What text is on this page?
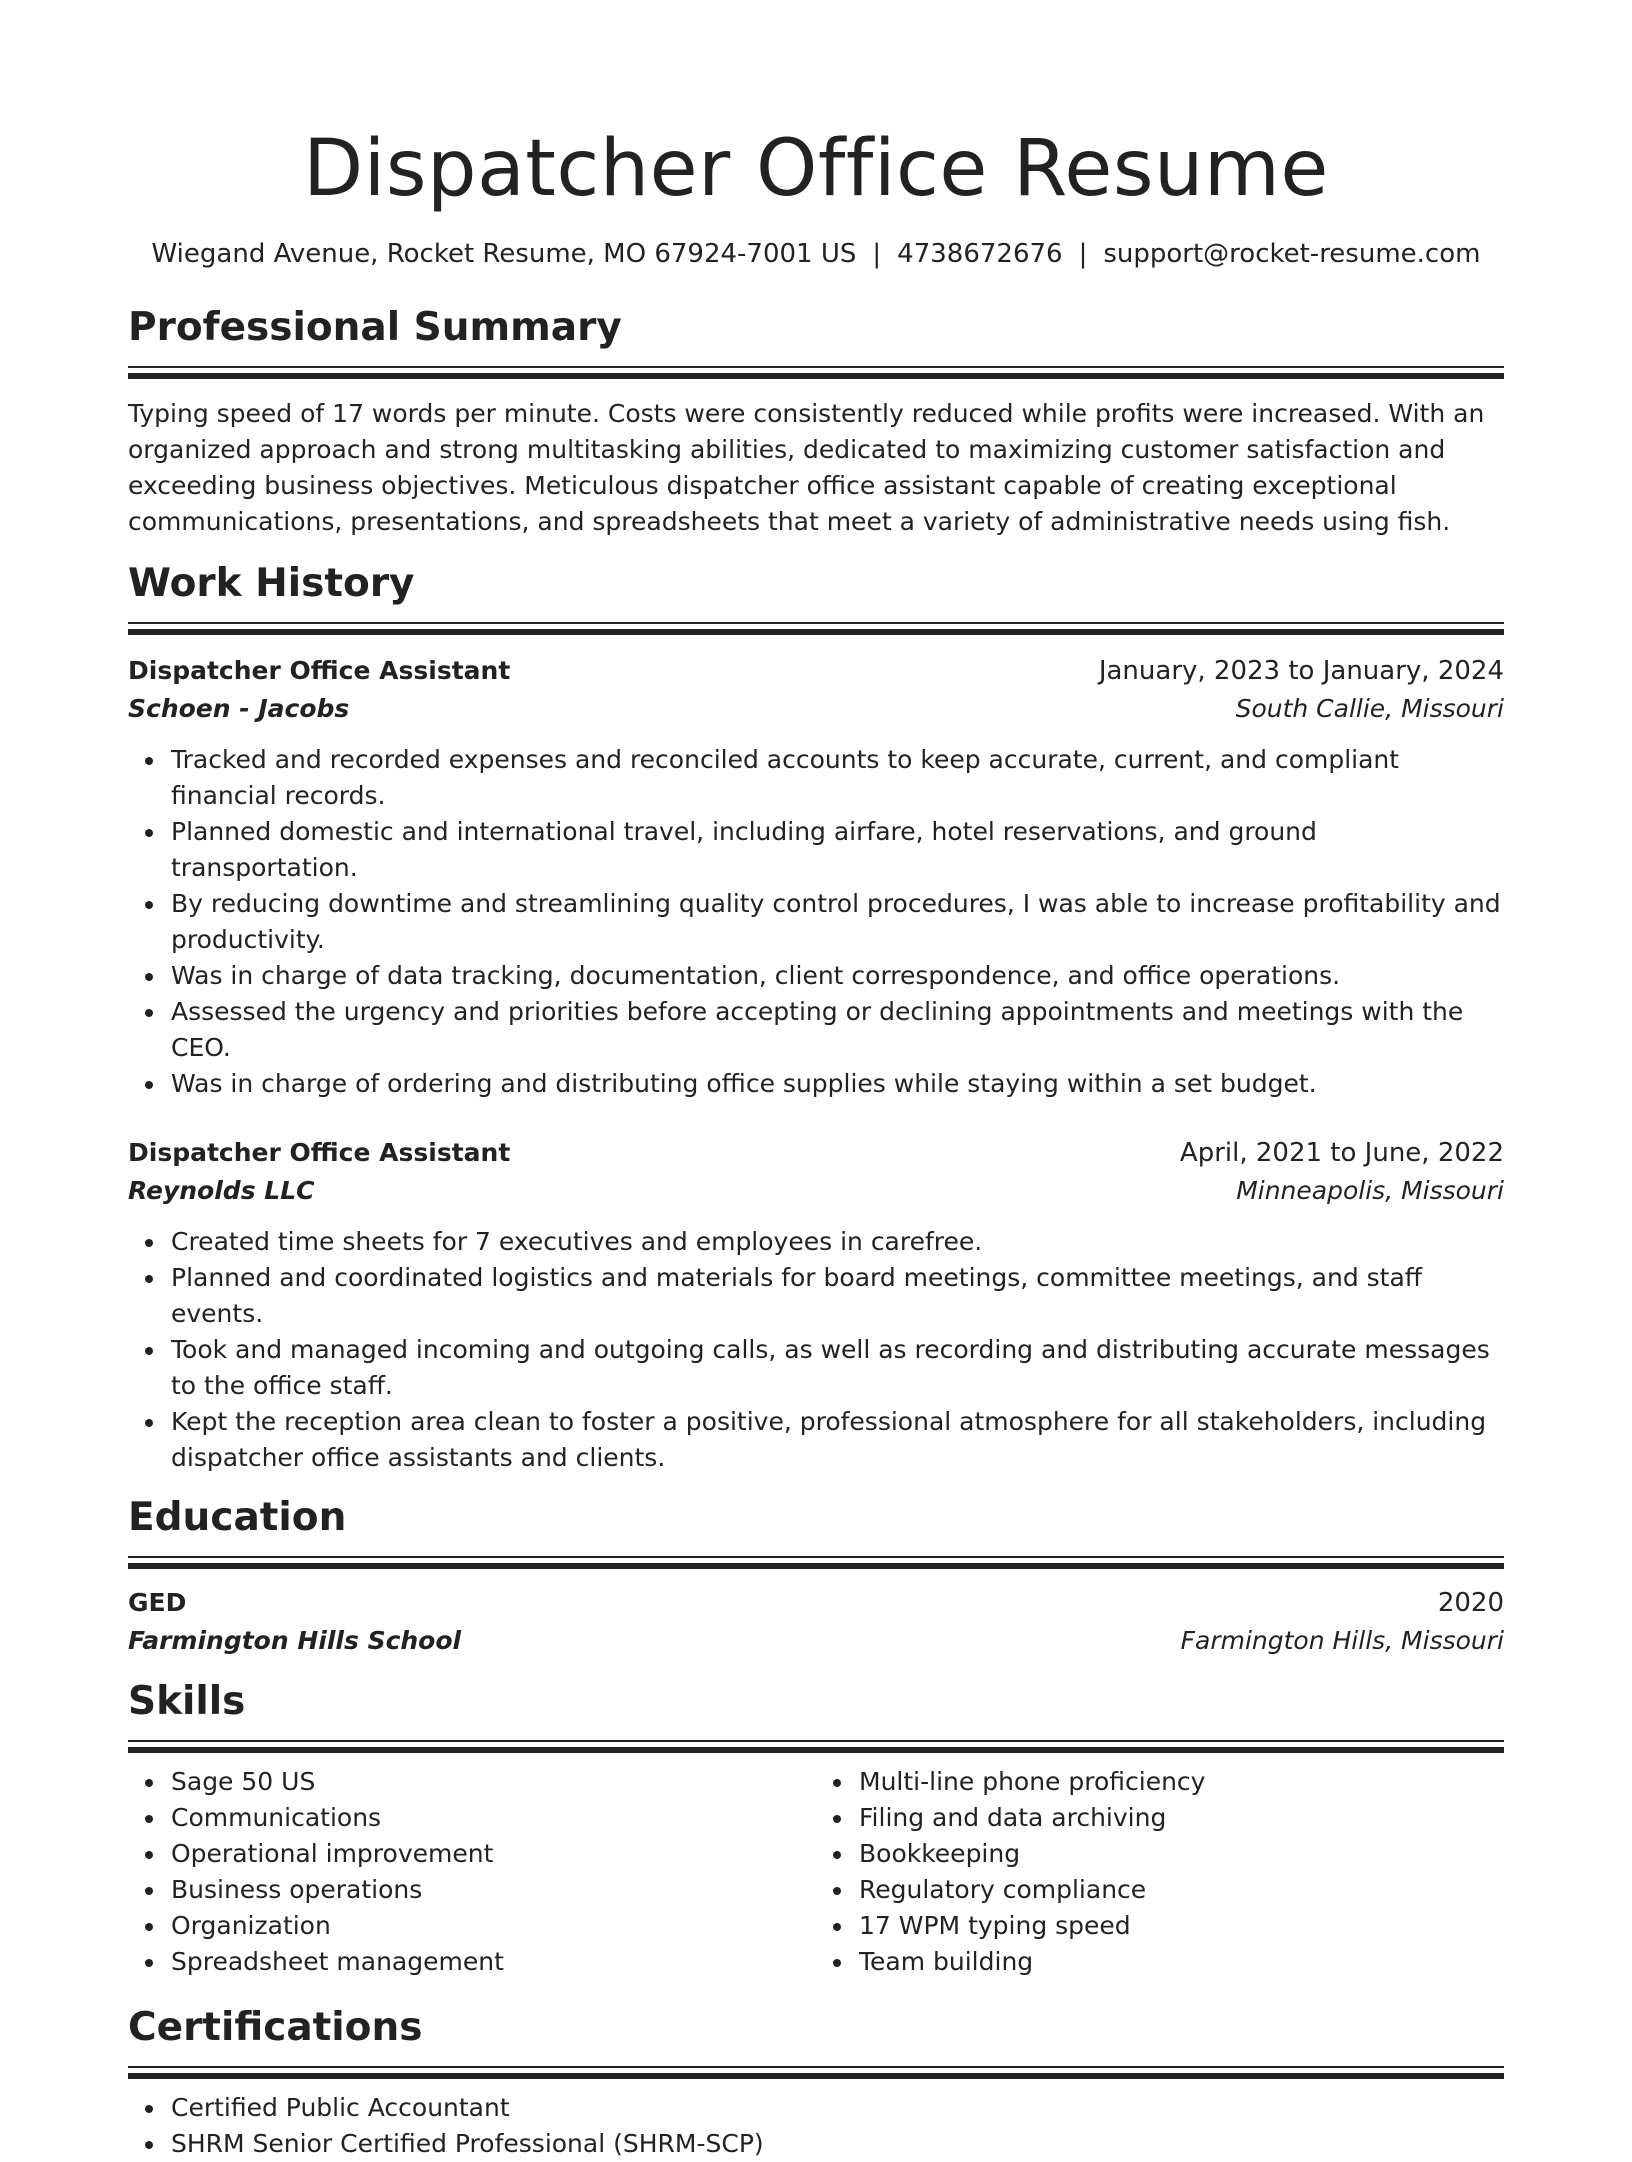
Dispatcher Office Resume
Wiegand Avenue, Rocket Resume, MO 67924-7001 US | 4738672676 | support@rocket-resume.com
Professional Summary

Typing speed of 17 words per minute. Costs were consistently reduced while profits were increased. With an organized approach and strong multitasking abilities, dedicated to maximizing customer satisfaction and exceeding business objectives. Meticulous dispatcher office assistant capable of creating exceptional communications, presentations, and spreadsheets that meet a variety of administrative needs using fish.

Work History
Dispatcher Office Assistant	January, 2023 to January, 2024
Schoen - Jacobs	South Callie, Missouri
Tracked and recorded expenses and reconciled accounts to keep accurate, current, and compliant financial records.
Planned domestic and international travel, including airfare, hotel reservations, and ground transportation.
By reducing downtime and streamlining quality control procedures, I was able to increase profitability and productivity.
Was in charge of data tracking, documentation, client correspondence, and office operations.
Assessed the urgency and priorities before accepting or declining appointments and meetings with the CEO.
Was in charge of ordering and distributing office supplies while staying within a set budget.
Dispatcher Office Assistant	April, 2021 to June, 2022
Reynolds LLC	Minneapolis, Missouri
Created time sheets for 7 executives and employees in carefree.
Planned and coordinated logistics and materials for board meetings, committee meetings, and staff events.
Took and managed incoming and outgoing calls, as well as recording and distributing accurate messages to the office staff.
Kept the reception area clean to foster a positive, professional atmosphere for all stakeholders, including dispatcher office assistants and clients.
Education
GED	2020
Farmington Hills School	Farmington Hills, Missouri
Skills
Sage 50 US
Communications
Operational improvement
Business operations
Organization
Spreadsheet management
Multi-line phone proficiency
Filing and data archiving
Bookkeeping
Regulatory compliance
17 WPM typing speed
Team building
Certifications
Certified Public Accountant
SHRM Senior Certified Professional (SHRM-SCP)
